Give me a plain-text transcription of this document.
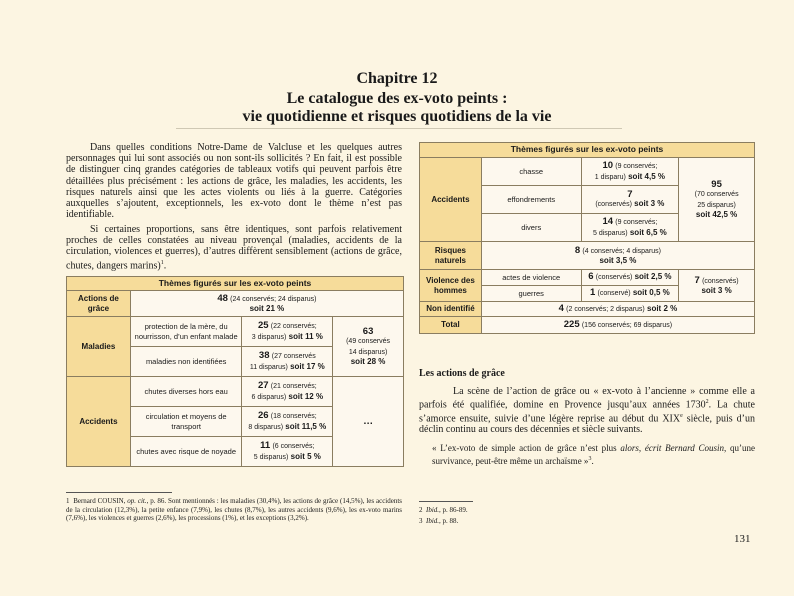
Chapitre 12
Le catalogue des ex-voto peints :
vie quotidienne et risques quotidiens de la vie
Dans quelles conditions Notre-Dame de Valcluse et les quelques autres personnages qui lui sont associés ou non sont-ils sollicités ? En fait, il est possible de distinguer cinq grandes catégories de tableaux votifs qui peuvent parfois être détaillées plus précisément : les actions de grâce, les maladies, les accidents, les risques naturels ainsi que les actes violents ou liés à la guerre. Catégories auxquelles s’ajoutent, exceptionnels, les ex-voto dont le thème n’est pas identifiable.
Si certaines proportions, sans être identiques, sont parfois relativement proches de celles constatées au niveau provençal (maladies, accidents de la circulation, violences et guerres), d’autres diffèrent sensiblement (actions de grâce, chutes, dangers marins)$^1$.
Thèmes figurés sur les ex-voto peints			
Actions de grâce	48 (24 conservés; 24 disparus)
soit 21 %		
Maladies	protection de la mère, du nourrisson, d’un enfant malade	25 (22 conservés;
3 disparus) soit 11 %	63
(49 conservés
14 disparus)
soit 28 %
	maladies non identifiées	38 (27 conservés
11 disparus) soit 17 %	
Accidents	chutes diverses hors eau	27 (21 conservés;
6 disparus) soit 12 %	…
	circulation et moyens de transport	26 (18 conservés;
8 disparus) soit 11,5 %	
	chutes avec risque de noyade	11 (6 conservés;
5 disparus) soit 5 %	
Thèmes figurés sur les ex-voto peints			
Accidents	chasse	10 (9 conservés;
1 disparu) soit 4,5 %	95
(70 conservés
25 disparus)
soit 42,5 %
	effondrements	7
(conservés) soit 3 %	
	divers	14 (9 conservés;
5 disparus) soit 6,5 %	
Risques naturels	8 (4 conservés; 4 disparus)
soit 3,5 %		
Violence des hommes	actes de violence	6 (conservés) soit 2,5 %	7 (conservés)
soit 3 %
	guerres	1 (conservé) soit 0,5 %	
Non identifié	4 (2 conservés; 2 disparus) soit 2 %		
Total	225 (156 conservés; 69 disparus)		
Les actions de grâce
La scène de l’action de grâce ou « ex-voto à l’ancienne » comme elle a parfois été qualifiée, domine en Provence jusqu’aux années 1730$^2$. La chute s’amorce ensuite, suivie d’une légère reprise au début du XIXe siècle, puis d’un déclin continu au cours des décennies et siècle suivants.
« L’ex-voto de simple action de grâce n’est plus alors, écrit Bernard Cousin, qu’une survivance, peut-être même un archaïsme »$^3$.
1 Bernard COUSIN, op. cit., p. 86. Sont mentionnés : les maladies (30,4%), les actions de grâce (14,5%), les accidents de la circulation (12,3%), la petite enfance (7,9%), les chutes (8,7%), les autres accidents (9,6%), les ex-voto marins (7,6%), les violences et guerres (2,6%), les processions (1%), et les exceptions (3,2%).
2 Ibid., p. 86-89.
3 Ibid., p. 88.
131
